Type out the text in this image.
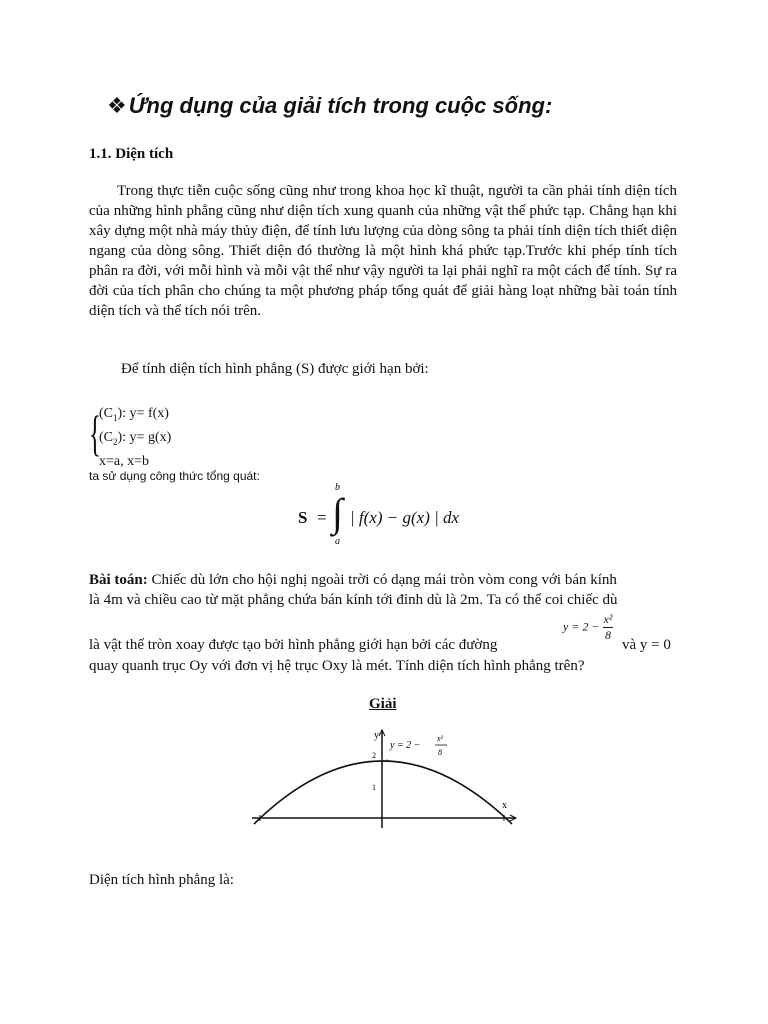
❖Ứng dụng của giải tích trong cuộc sống:
1.1. Diện tích
Trong thực tiễn cuộc sống cũng như trong khoa học kĩ thuật, người ta cần phải tính diện tích của những hình phẳng cũng như diện tích xung quanh của những vật thể phức tạp. Chẳng hạn khi xây dựng một nhà máy thủy điện, để tính lưu lượng của dòng sông ta phải tính diện tích thiết diện ngang của dòng sông. Thiết diện đó thường là một hình khá phức tạp.Trước khi phép tính tích phân ra đời, với mỗi hình và mỗi vật thể như vậy người ta lại phải nghĩ ra một cách để tính. Sự ra đời của tích phân cho chúng ta một phương pháp tổng quát để giải hàng loạt những bài toán tính diện tích và thể tích nói trên.
Để tính diện tích hình phẳng (S) được giới hạn bởi:
{
$(C_1)$: y= f(x)
$(C_2)$: y= g(x)
x=a, x=b
ta sử dụng công thức tổng quát:
S =
b
∫
a
| f(x) − g(x) | dx
Bài toán: Chiếc dù lớn cho hội nghị ngoài trời có dạng mái tròn vòm cong với bán kính
là 4m và chiều cao từ mặt phẳng chứa bán kính tới đỉnh dù là 2m. Ta có thể coi chiếc dù
$y = 2 - \frac{\text{x²}}{8}$
là vật thể tròn xoay được tạo bởi hình phẳng giới hạn bởi các đường	và y = 0
quay quanh trục Oy với đơn vị hệ trục Oxy là mét. Tính diện tích hình phẳng trên?
Giải
y
x
2
1
y = 2 −
x²
8
Diện tích hình phẳng là:
